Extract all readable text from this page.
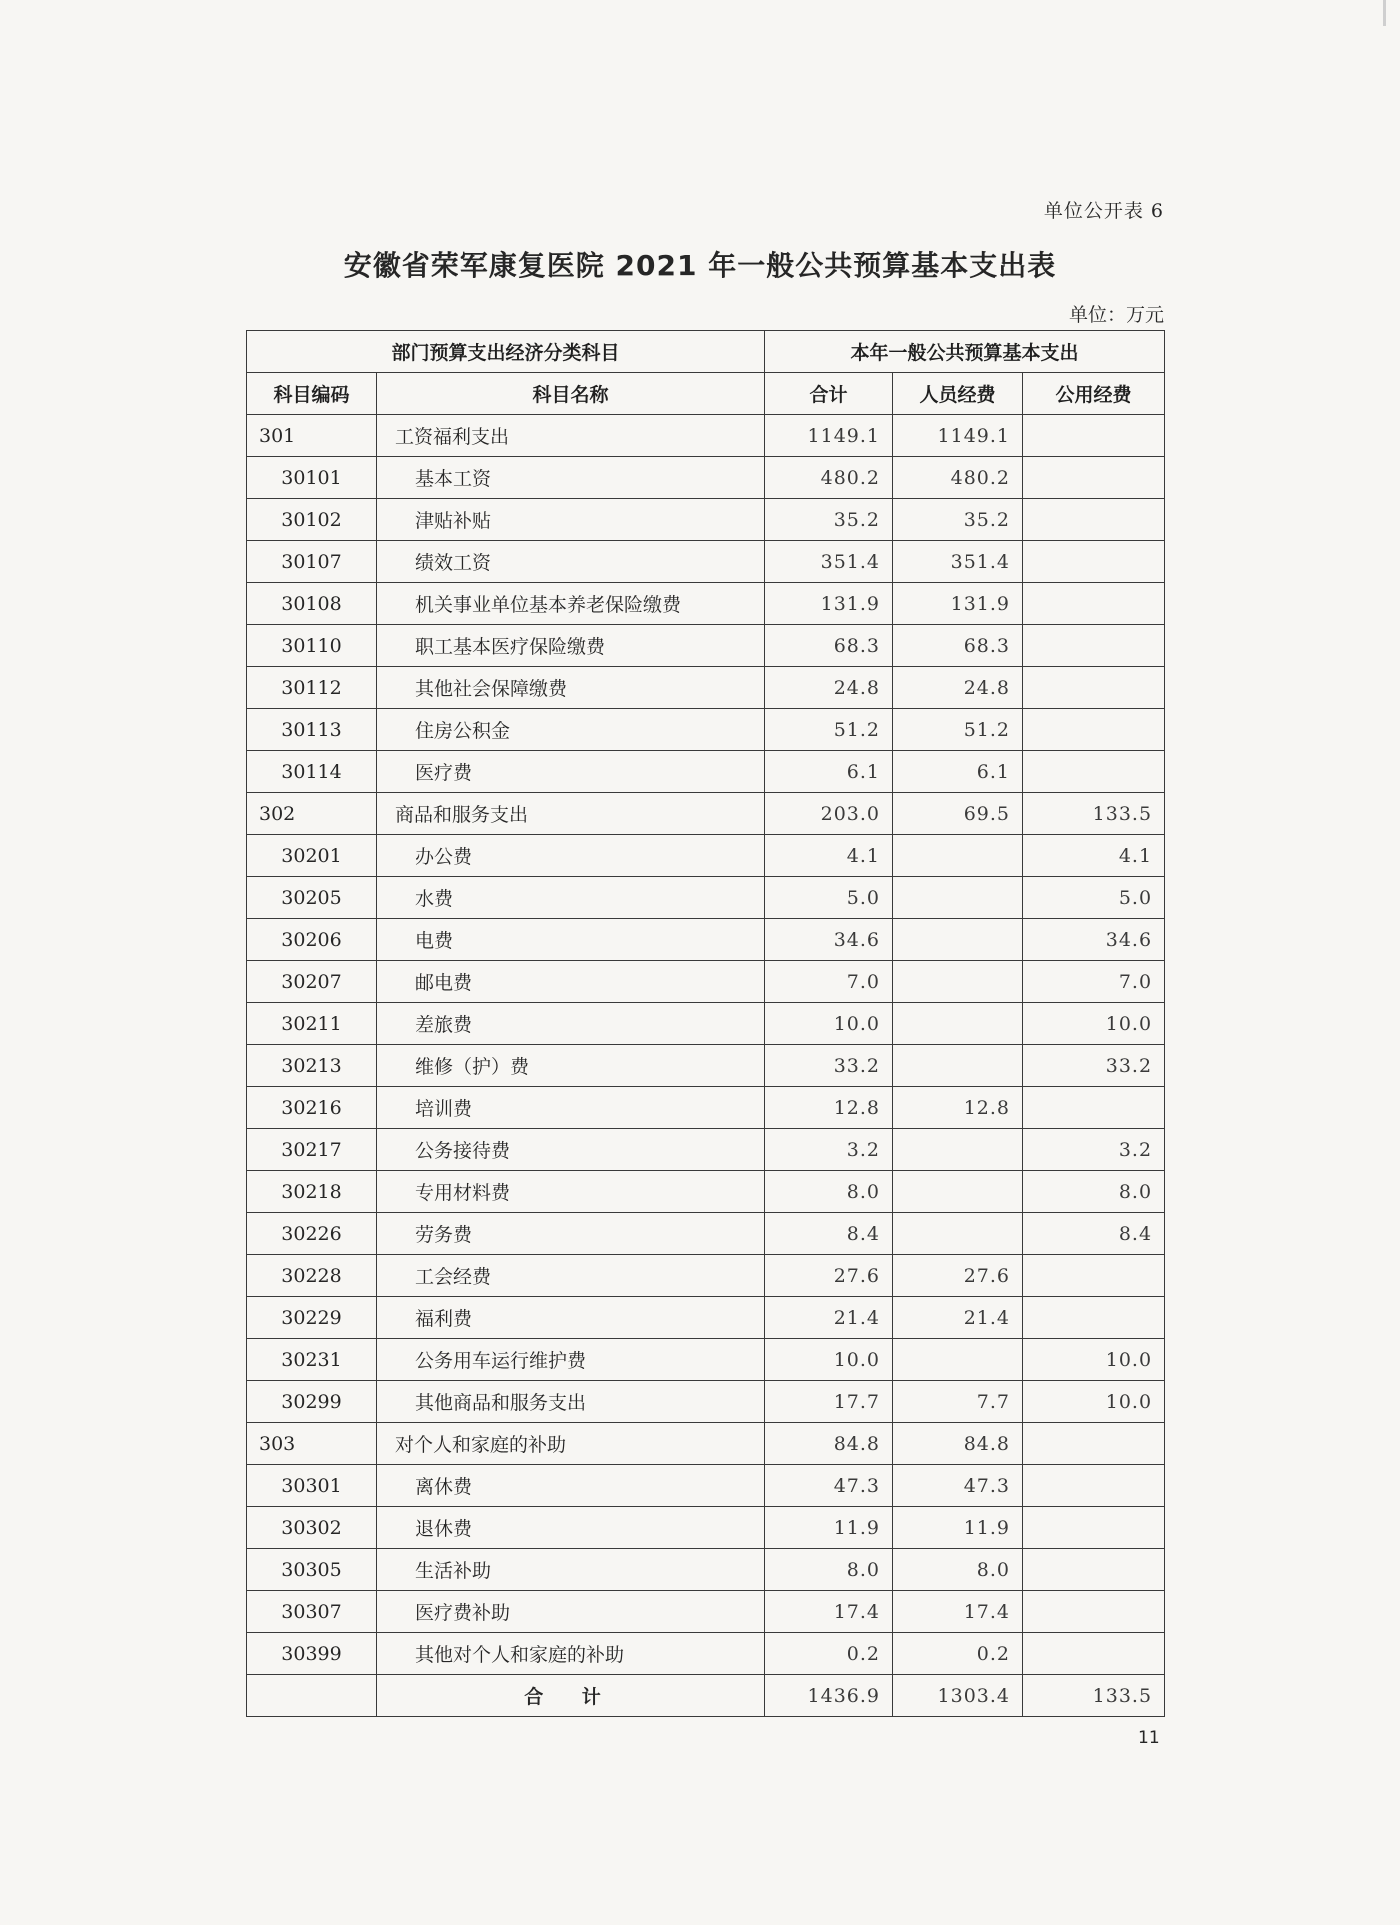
单位公开表 6
安徽省荣军康复医院 2021 年一般公共预算基本支出表
单位：万元
部门预算支出经济分类科目		本年一般公共预算基本支出		
科目编码	科目名称	合计	人员经费	公用经费
301	工资福利支出	1149.1	1149.1	
30101	基本工资	480.2	480.2	
30102	津贴补贴	35.2	35.2	
30107	绩效工资	351.4	351.4	
30108	机关事业单位基本养老保险缴费	131.9	131.9	
30110	职工基本医疗保险缴费	68.3	68.3	
30112	其他社会保障缴费	24.8	24.8	
30113	住房公积金	51.2	51.2	
30114	医疗费	6.1	6.1	
302	商品和服务支出	203.0	69.5	133.5
30201	办公费	4.1		4.1
30205	水费	5.0		5.0
30206	电费	34.6		34.6
30207	邮电费	7.0		7.0
30211	差旅费	10.0		10.0
30213	维修（护）费	33.2		33.2
30216	培训费	12.8	12.8	
30217	公务接待费	3.2		3.2
30218	专用材料费	8.0		8.0
30226	劳务费	8.4		8.4
30228	工会经费	27.6	27.6	
30229	福利费	21.4	21.4	
30231	公务用车运行维护费	10.0		10.0
30299	其他商品和服务支出	17.7	7.7	10.0
303	对个人和家庭的补助	84.8	84.8	
30301	离休费	47.3	47.3	
30302	退休费	11.9	11.9	
30305	生活补助	8.0	8.0	
30307	医疗费补助	17.4	17.4	
30399	其他对个人和家庭的补助	0.2	0.2	
	合 计	1436.9	1303.4	133.5
11
